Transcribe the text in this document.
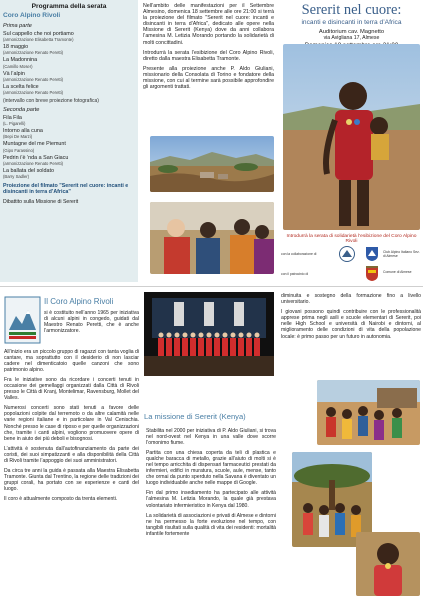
Programma della serata
Coro Alpino Rivoli
Prima parte
Sul cappello che noi portiamo
(armonizzazione Elisabetta Tramonte)
18 maggio
(armonizzazione Renato Peretti)
La Madonnina
(Camillo Moser)
Và l’alpin
(armonizzazione Renato Peretti)
La sceltа felice
(armonizzazione Renato Peretti)
(intervallo con breve proiezione fotografica)
Seconda parte
Fila Fila
(L. Pigarelli)
Intorno alla cuna
(Bepi De Marzi)
Muntagne del me Piemunt
(Gipo Farassino)
Pedrin i’è ’nda a San Giacu
(armonizzazione Renato Peretti)
La ballata del soldato
(Barry Sadler)
Proiezione del filmato "Sererit nel cuore: incanti e disincanti in terra d’Africa"
Dibattito sulla Missione di Sererit

Nell’ambito delle manifestazioni per il Settembre Almesino, domenica 18 settembre alle ore 21:00 si terrà la proiezione del filmato "Sererit nel cuore: incanti e disincanti in terra d’Africa", dedicato alle opere nella Missione di Sererit (Kenya) dove da anni collabora l’amesina M. Letizia Morando portando la solidarietà di molti concittadini.

Introdurrà la serata l’esibizione del Coro Alpino Rivoli, diretto dalla maestra Elisabetta Tramonte.

Presente alla proiezione anche P. Aldo Giuliani, missionario della Consolata di Torino e fondatore della missione, con cui al termine sarà possibile approfondire gli argomenti trattati.

Sererit nel cuore:
incanti e disincanti in terra d’Africa
Auditorium cav. Magnetto
via Avigliana 17, Almese
Introdurrà la serata di solidarietà l’esibizione del Coro Alpino Rivoli
con la collaborazione di	Club Alpino Italiano Sez. di Almese
con il patrocinio di	Comune di Almese
Il Coro Alpino Rivoli
si è costituito nell’anno 1965 per iniziativa di alcuni alpini in congedo, guidati dal Maestro Renato Peretti, che è anche l’armonizzatore.

All’inizio era un piccolo gruppo di ragazzi con tanta voglia di cantare, ma soprattutto con il desiderio di non lasciar cadere nel dimenticatoio quelle canzoni che sono patrimonio alpino.

Fra le iniziative sono da ricordare i concerti tenuti in occasione dei gemellaggi organizzati dalla Città di Rivoli presso le Città di Kranj, Montelimar, Ravensburg, Mollet del Valles.

Numerosi concerti sono stati tenuti a favore delle popolazioni colpite dal terremoto o da altre calamità nelle varie regioni italiane e in particolare in Val Cenischia. Nonché presso le case di riposo e per quelle organizzazioni che, tramite i canti alpini, vogliono promuovere opere di bene in aiuto dei più deboli e bisognosi.

L’attività è sostenuta dall’autofinanziamento da parte dei coristi, dei suoi simpatizzanti e alla disponibilità della Città di Rivoli tramite l’appoggio dei suoi amministratori.

Da circa tre anni la guida è passata alla Maestra Elisabetta Tramonte. Giunta dal Trentino, la regione delle tradizioni dei gruppi corali, ha portato con se esperienze e canti del luogo.

Il coro è attualmente composto da trenta elementi.

La missione di Sererit (Kenya)

Stabilita nel 2000 per iniziativa di P. Aldo Giuliani, si trova nel nord-ovest nel Kenya in una valle dove scorre l’omonimo fiume.

Partita con una chiesa coperta da teli di plastica e qualche baracca di metallo, grazie all’aiuto di molti si è nel tempo arricchita di dispensari farmaceutici prestati da infermieri, edifici in muratura, scuole, aule, mense, tanto che ormai da punto sperduto nella Savana è diventato un luogo individuabile anche nelle mappe di Google.

Fin dal primo insediamento ha partecipato alle attività l’almesina M. Letizia Morando, la quale già prestava volontariato infermieristico in Kenya dal 1980.

La solidarietà di associazioni e privati di Almese e dintorni ne ha permesso la forte evoluzione nel tempo, con tangibili risultati sulla qualità di vita dei residenti: mortalità infantile fortemente

diminuita e sostegno della formazione fino a livello universitario.

I giovani possono quindi contribuire con le professionalità apprese prima negli asili e scuole elementari di Sererit, poi nelle High School e università di Nairobi e dintorni, al miglioramento delle condizioni di vita della popolazione locale: è primo passo per un futuro in autonomia.
